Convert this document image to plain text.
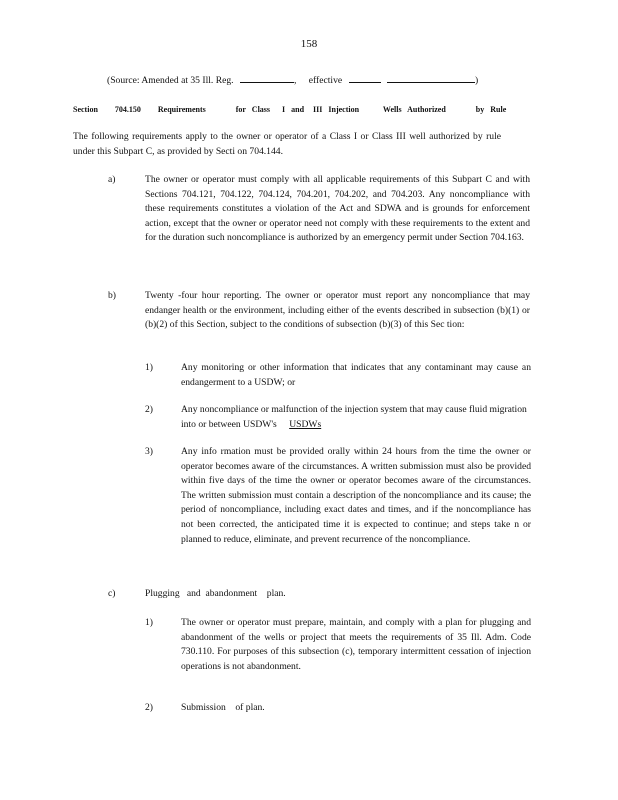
158
(Source: Amended at 35 Ill. Reg.	, effective	)
Section 704.150 Requirements          for  Class    I  and   III  Injection        Wells  Authorized          by  Rule
The following requirements apply to the owner or operator of a Class I or Class III well authorized by rule under this Subpart C, as provided by Secti on 704.144.
a)	The owner or operator must comply with all applicable requirements of this Subpart C and with Sections 704.121, 704.122, 704.124, 704.201, 704.202, and 704.203. Any noncompliance with these requirements constitutes a violation of the Act and SDWA and is grounds for enforcement action, except that the owner or operator need not comply with these requirements to the extent and for the duration such noncompliance is authorized by an emergency permit under Section 704.163.
b)	Twenty -four hour reporting. The owner or operator must report any noncompliance that may endanger health or the environment, including either of the events described in subsection (b)(1) or (b)(2) of this Section, subject to the conditions of subsection (b)(3) of this Sec tion:
1)	Any monitoring or other information that indicates that any contaminant may cause an endangerment to a USDW; or
2)	Any noncompliance or malfunction of the injection system that may cause fluid migration into or between USDW's USDWs
3)	Any info rmation must be provided orally within 24 hours from the time the owner or operator becomes aware of the circumstances. A written submission must also be provided within five days of the time the owner or operator becomes aware of the circumstances. The written submission must contain a description of the noncompliance and its cause; the period of noncompliance, including exact dates and times, and if the noncompliance has not been corrected, the anticipated time it is expected to continue; and steps take n or planned to reduce, eliminate, and prevent recurrence of the noncompliance.
c)	Plugging   and  abandonment    plan.
1)	The owner or operator must prepare, maintain, and comply with a plan for plugging and abandonment of the wells or project that meets the requirements of 35 Ill. Adm. Code 730.110. For purposes of this subsection (c), temporary intermittent cessation of injection operations is not abandonment.
2)	Submission    of plan.
